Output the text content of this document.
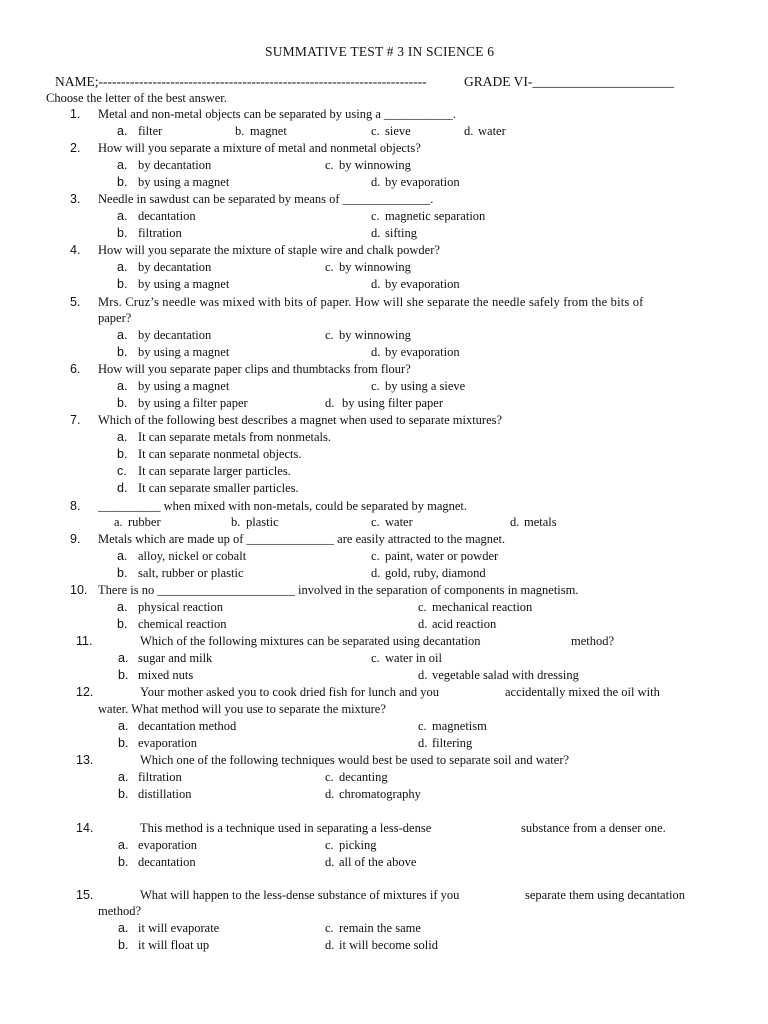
SUMMATIVE TEST # 3 IN SCIENCE 6
NAME;-------------------------------------------------------------------------	GRADE VI-_____________________
Choose the letter of the best answer.
1. Metal and non-metal objects can be separated by using a ___________.
a. filter	b. magnet	c. sieve	d. water
2. How will you separate a mixture of metal and nonmetal objects?
a. by decantation	c. by winnowing
b. by using a magnet	d. by evaporation
3. Needle in sawdust can be separated by means of ______________.
a. decantation	c. magnetic separation
b. filtration	d. sifting
4. How will you separate the mixture of staple wire and chalk powder?
a. by decantation	c. by winnowing
b. by using a magnet	d. by evaporation
5. Mrs. Cruz’s needle was mixed with bits of paper. How will she separate the needle safely from the bits of
paper?
a. by decantation	c. by winnowing
b. by using a magnet	d. by evaporation
6. How will you separate paper clips and thumbtacks from flour?
a. by using a magnet	c. by using a sieve
b. by using a filter paper	d. by using filter paper
7. Which of the following best describes a magnet when used to separate mixtures?
a. It can separate metals from nonmetals.
b. It can separate nonmetal objects.
c. It can separate larger particles.
d. It can separate smaller particles.
8. __________ when mixed with non-metals, could be separated by magnet.
a. rubber	b. plastic	c. water	d. metals
9. Metals which are made up of ______________ are easily attracted to the magnet.
a. alloy, nickel or cobalt	c. paint, water or powder
b. salt, rubber or plastic	d. gold, ruby, diamond
10. There is no ______________________ involved in the separation of components in magnetism.
a. physical reaction	c. mechanical reaction
b. chemical reaction	d. acid reaction
11.	Which of the following mixtures can be separated using decantation	method?
a. sugar and milk	c. water in oil
b. mixed nuts	d. vegetable salad with dressing
12.	Your mother asked you to cook dried fish for lunch and you	accidentally mixed the oil with
water. What method will you use to separate the mixture?
a. decantation method	c. magnetism
b. evaporation	d. filtering
13.	Which one of the following techniques would best be used to separate soil and water?
a. filtration	c. decanting
b. distillation	d. chromatography
14.	This method is a technique used in separating a less-dense	substance from a denser one.
a. evaporation	c. picking
b. decantation	d. all of the above
15.	What will happen to the less-dense substance of mixtures if you	separate them using decantation
method?
a. it will evaporate	c. remain the same
b. it will float up	d. it will become solid
